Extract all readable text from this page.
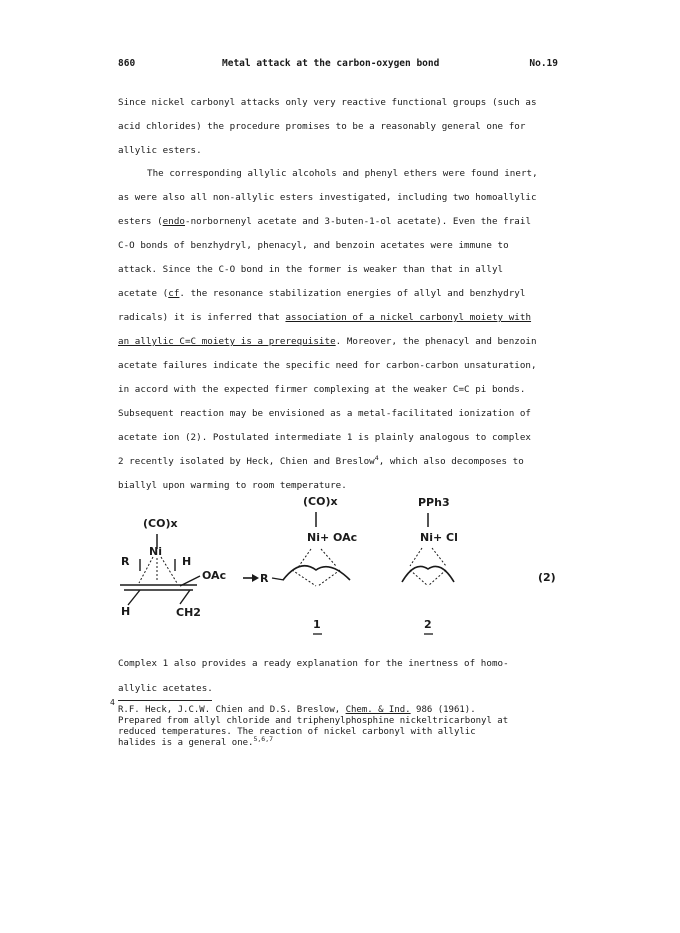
860	Metal attack at the carbon-oxygen bond	No.19
Since nickel carbonyl attacks only very reactive functional groups (such as
acid chlorides) the procedure promises to be a reasonably general one for
allylic esters.
The corresponding allylic alcohols and phenyl ethers were found inert,
as were also all non-allylic esters investigated, including two homoallylic
esters (endo-norbornenyl acetate and 3-buten-1-ol acetate). Even the frail
C-O bonds of benzhydryl, phenacyl, and benzoin acetates were immune to
attack. Since the C-O bond in the former is weaker than that in allyl
acetate (cf. the resonance stabilization energies of allyl and benzhydryl
radicals) it is inferred that association of a nickel carbonyl moiety with
an allylic C=C moiety is a prerequisite. Moreover, the phenacyl and benzoin
acetate failures indicate the specific need for carbon-carbon unsaturation,
in accord with the expected firmer complexing at the weaker C=C pi bonds.
Subsequent reaction may be envisioned as a metal-facilitated ionization of
acetate ion (2). Postulated intermediate 1 is plainly analogous to complex
2 recently isolated by Heck, Chien and Breslow$^4$, which also decomposes to
biallyl upon warming to room temperature.
(CO)x
Ni
R	H
OAc
H	CH2
(CO)x
Ni+ OAc
R
1
PPh3
Ni+ Cl
2
(2)
Complex 1 also provides a ready explanation for the inertness of homo-
allylic acetates.
4
R.F. Heck, J.C.W. Chien and D.S. Breslow, Chem. & Ind. 986 (1961).
Prepared from allyl chloride and triphenylphosphine nickeltricarbonyl at
reduced temperatures. The reaction of nickel carbonyl with allylic
halides is a general one.$^{5,6,7}$
